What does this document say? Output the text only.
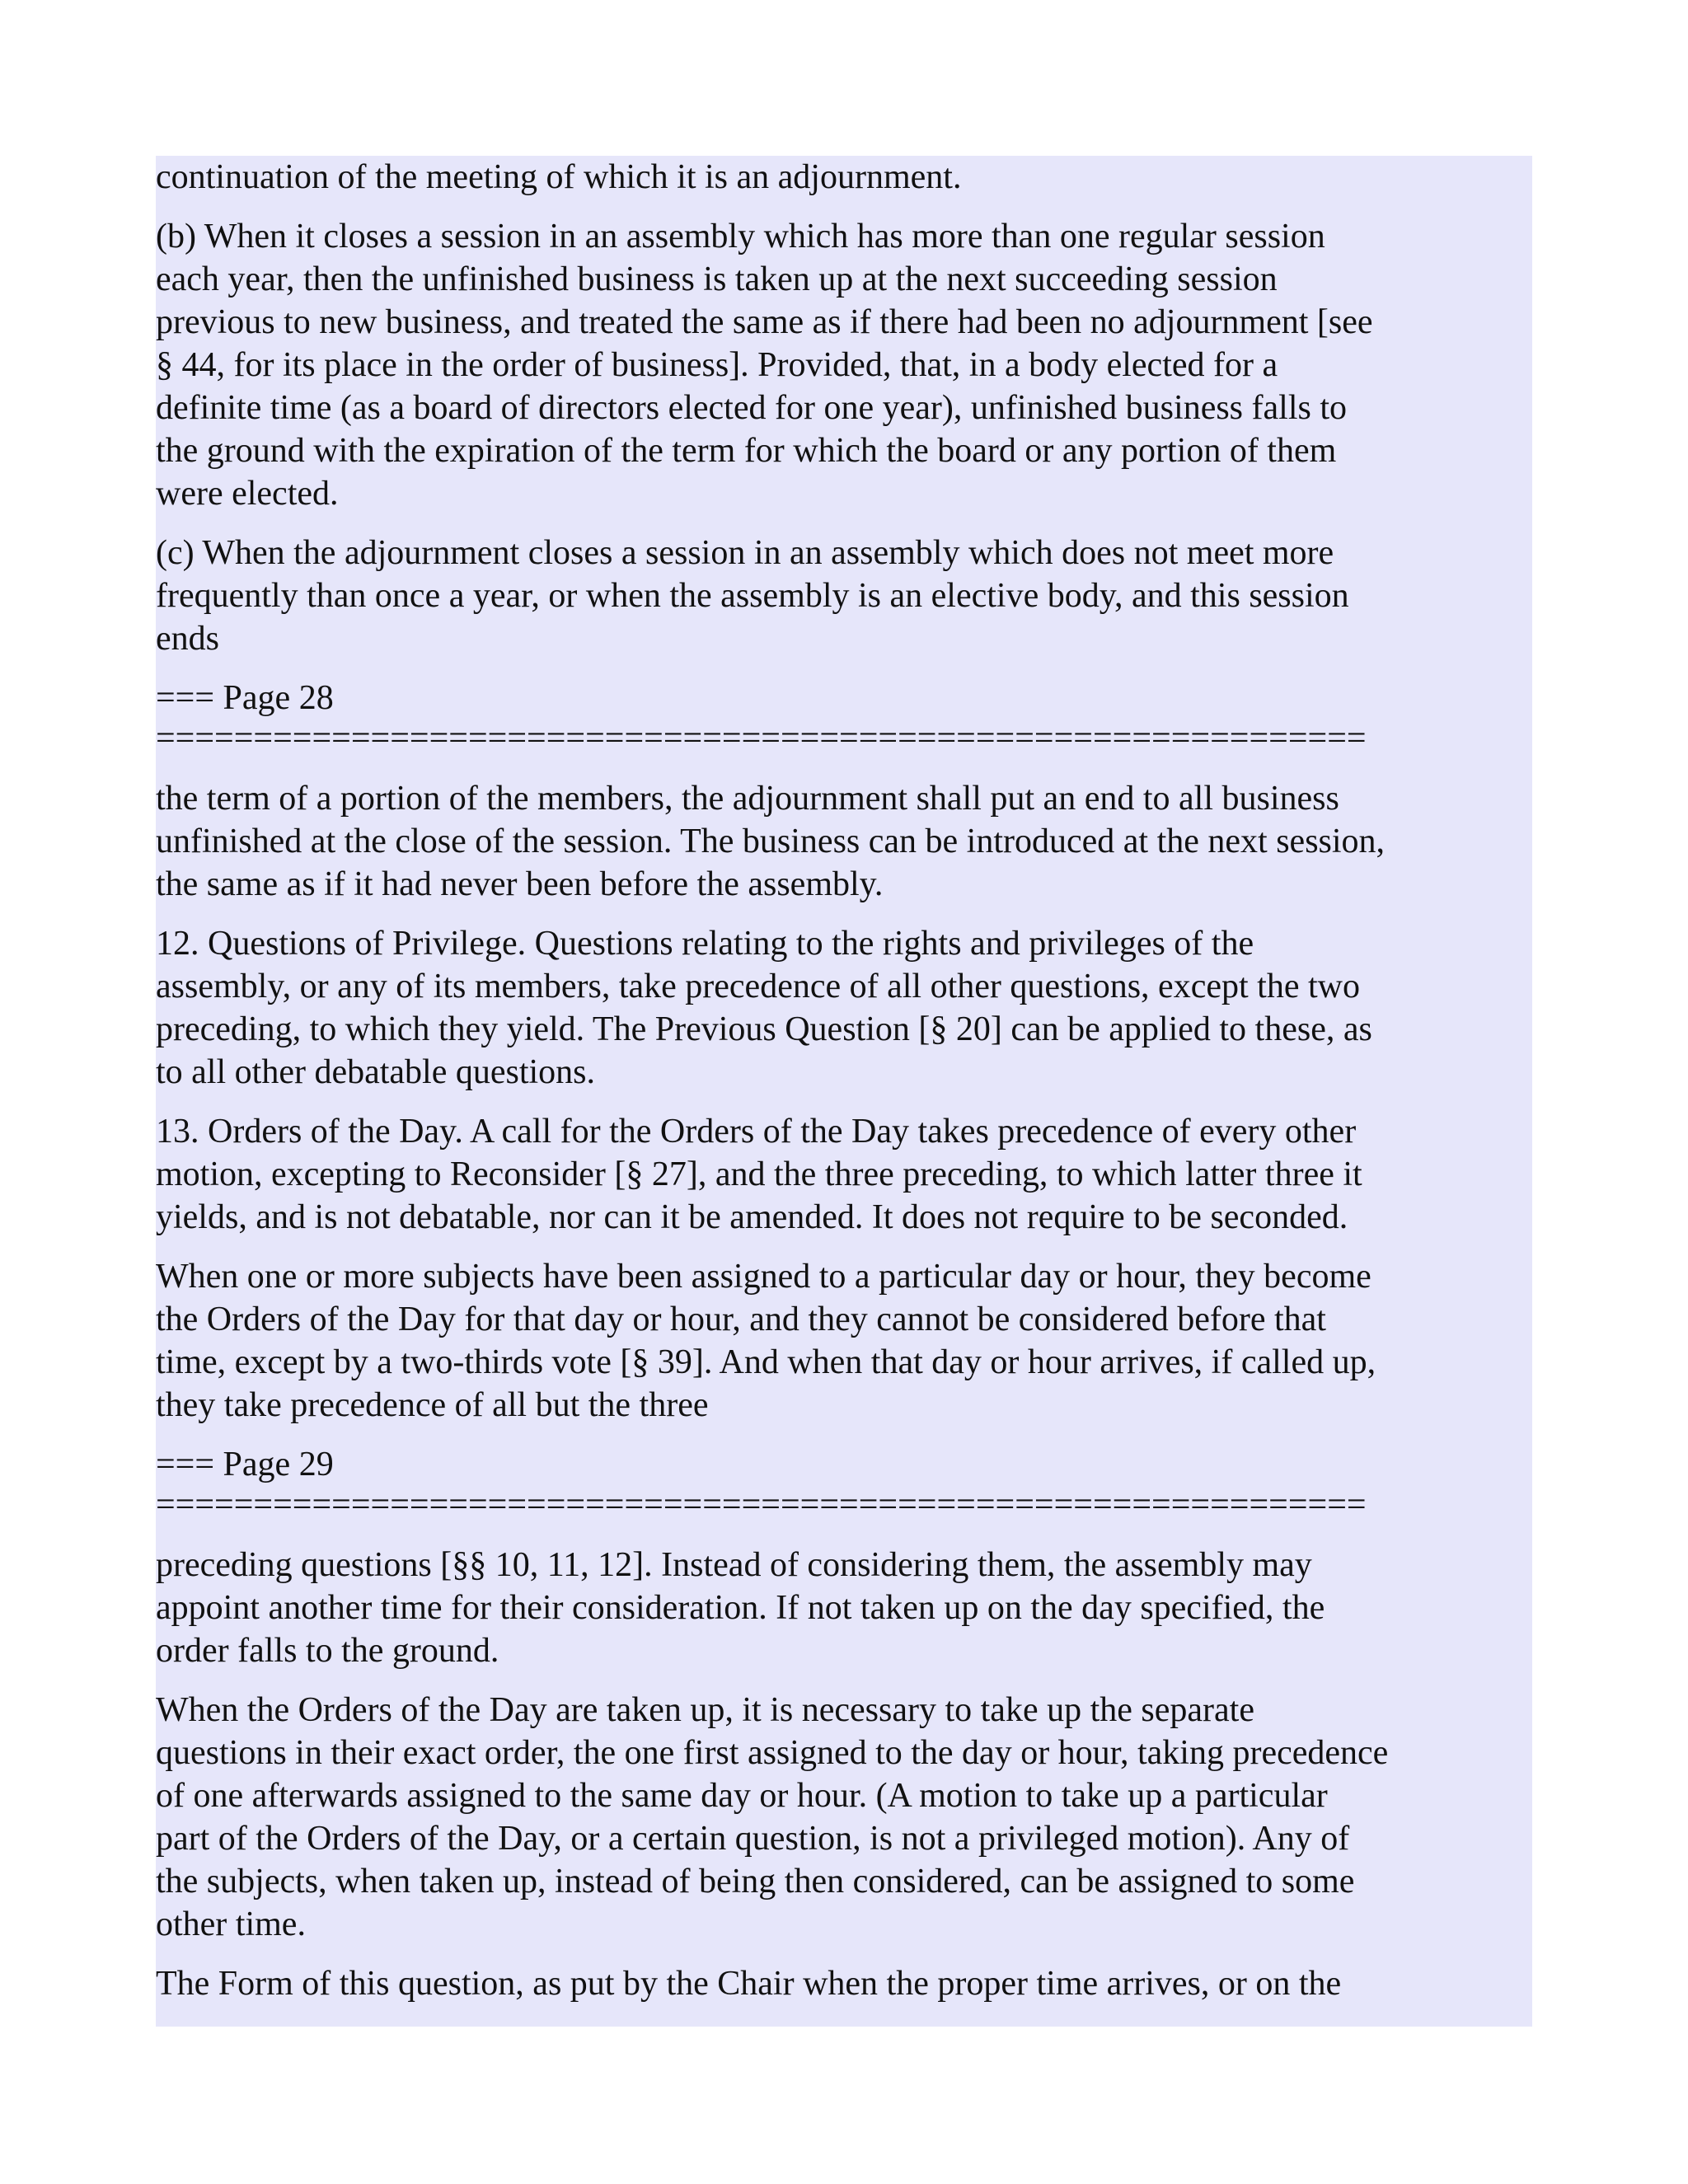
continuation of the meeting of which it is an adjournment.

(b) When it closes a session in an assembly which has more than one regular session
each year, then the unfinished business is taken up at the next succeeding session
previous to new business, and treated the same as if there had been no adjournment [see
§ 44, for its place in the order of business]. Provided, that, in a body elected for a
definite time (as a board of directors elected for one year), unfinished business falls to
the ground with the expiration of the term for which the board or any portion of them
were elected.

(c) When the adjournment closes a session in an assembly which does not meet more
frequently than once a year, or when the assembly is an elective body, and this session
ends

=== Page 28

==============================================================

the term of a portion of the members, the adjournment shall put an end to all business
unfinished at the close of the session. The business can be introduced at the next session,
the same as if it had never been before the assembly.

12. Questions of Privilege. Questions relating to the rights and privileges of the
assembly, or any of its members, take precedence of all other questions, except the two
preceding, to which they yield. The Previous Question [§ 20] can be applied to these, as
to all other debatable questions.

13. Orders of the Day. A call for the Orders of the Day takes precedence of every other
motion, excepting to Reconsider [§ 27], and the three preceding, to which latter three it
yields, and is not debatable, nor can it be amended. It does not require to be seconded.

When one or more subjects have been assigned to a particular day or hour, they become
the Orders of the Day for that day or hour, and they cannot be considered before that
time, except by a two-thirds vote [§ 39]. And when that day or hour arrives, if called up,
they take precedence of all but the three

=== Page 29

==============================================================

preceding questions [§§ 10, 11, 12]. Instead of considering them, the assembly may
appoint another time for their consideration. If not taken up on the day specified, the
order falls to the ground.

When the Orders of the Day are taken up, it is necessary to take up the separate
questions in their exact order, the one first assigned to the day or hour, taking precedence
of one afterwards assigned to the same day or hour. (A motion to take up a particular
part of the Orders of the Day, or a certain question, is not a privileged motion). Any of
the subjects, when taken up, instead of being then considered, can be assigned to some
other time.

The Form of this question, as put by the Chair when the proper time arrives, or on the
